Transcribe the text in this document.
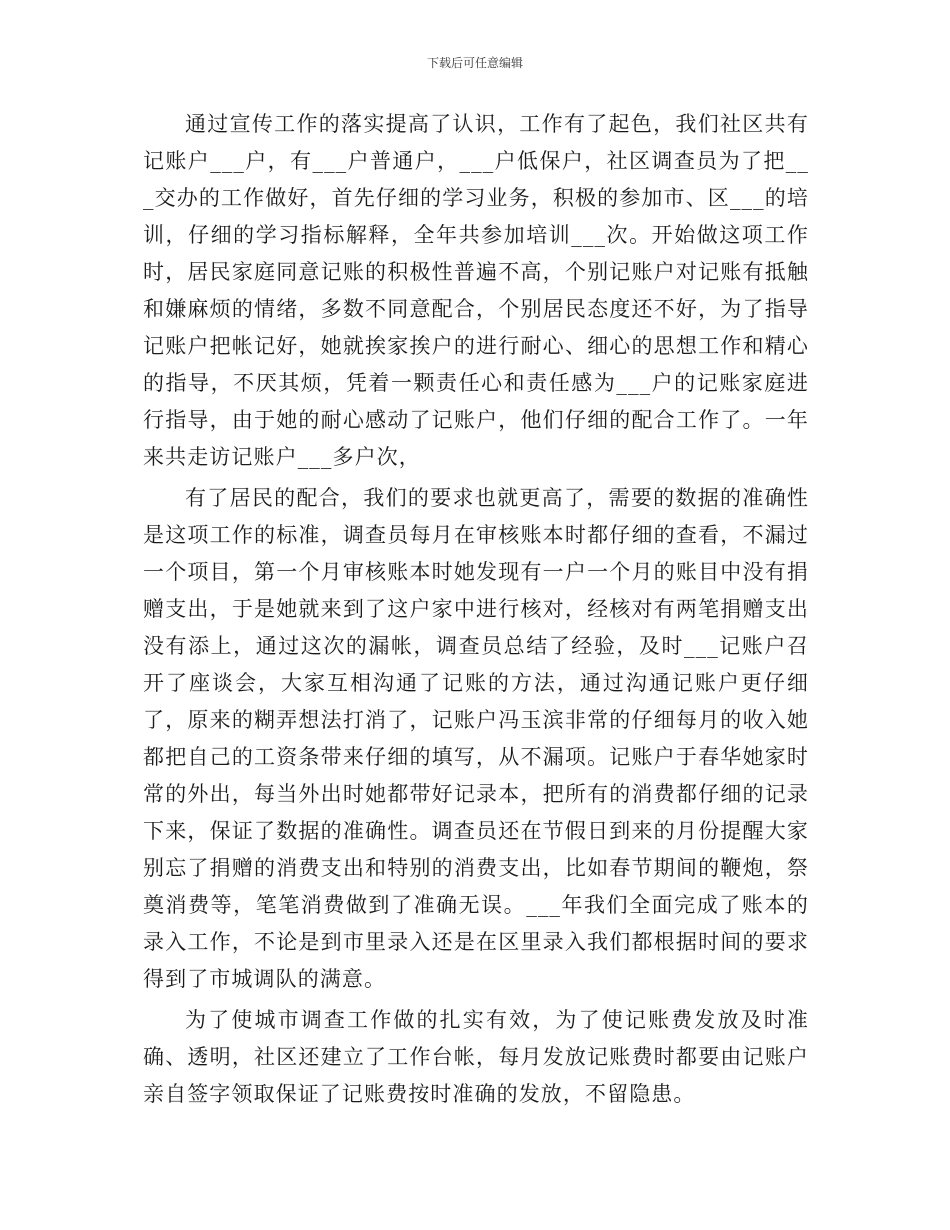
下载后可任意编辑

通过宣传工作的落实提高了认识，工作有了起色，我们社区共有记账户___户，有___户普通户，___户低保户，社区调查员为了把___交办的工作做好，首先仔细的学习业务，积极的参加市、区___的培训，仔细的学习指标解释，全年共参加培训___次。开始做这项工作时，居民家庭同意记账的积极性普遍不高，个别记账户对记账有抵触和嫌麻烦的情绪，多数不同意配合，个别居民态度还不好，为了指导记账户把帐记好，她就挨家挨户的进行耐心、细心的思想工作和精心的指导，不厌其烦，凭着一颗责任心和责任感为___户的记账家庭进行指导，由于她的耐心感动了记账户，他们仔细的配合工作了。一年来共走访记账户___多户次，

有了居民的配合，我们的要求也就更高了，需要的数据的准确性是这项工作的标准，调查员每月在审核账本时都仔细的查看，不漏过一个项目，第一个月审核账本时她发现有一户一个月的账目中没有捐赠支出，于是她就来到了这户家中进行核对，经核对有两笔捐赠支出没有添上，通过这次的漏帐，调查员总结了经验，及时___记账户召开了座谈会，大家互相沟通了记账的方法，通过沟通记账户更仔细了，原来的糊弄想法打消了，记账户冯玉滨非常的仔细每月的收入她都把自己的工资条带来仔细的填写，从不漏项。记账户于春华她家时常的外出，每当外出时她都带好记录本，把所有的消费都仔细的记录下来，保证了数据的准确性。调查员还在节假日到来的月份提醒大家别忘了捐赠的消费支出和特别的消费支出，比如春节期间的鞭炮，祭奠消费等，笔笔消费做到了准确无误。___年我们全面完成了账本的录入工作，不论是到市里录入还是在区里录入我们都根据时间的要求得到了市城调队的满意。

为了使城市调查工作做的扎实有效，为了使记账费发放及时准确、透明，社区还建立了工作台帐，每月发放记账费时都要由记账户亲自签字领取保证了记账费按时准确的发放，不留隐患。
